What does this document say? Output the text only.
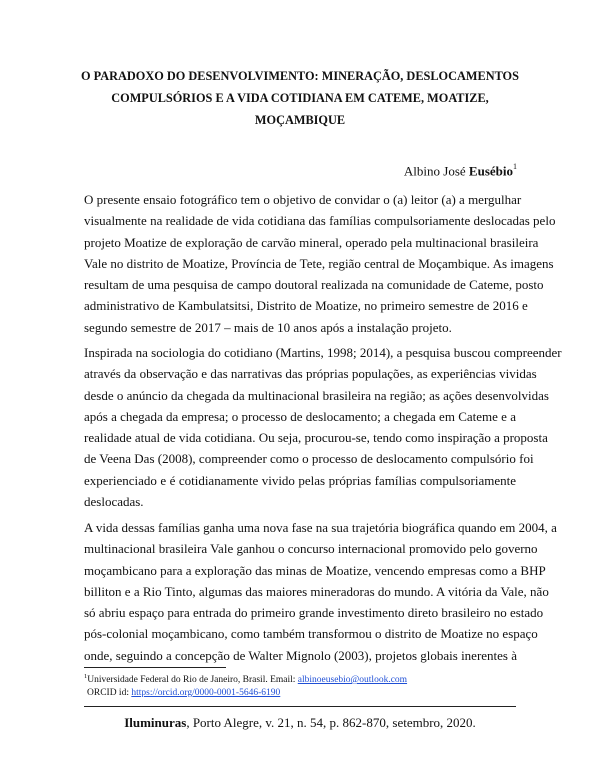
O PARADOXO DO DESENVOLVIMENTO: MINERAÇÃO, DESLOCAMENTOS
COMPULSÓRIOS E A VIDA COTIDIANA EM CATEME, MOATIZE,
MOÇAMBIQUE
Albino José Eusébio$^1$
O presente ensaio fotográfico tem o objetivo de convidar o (a) leitor (a) a mergulhar
visualmente na realidade de vida cotidiana das famílias compulsoriamente deslocadas pelo
projeto Moatize de exploração de carvão mineral, operado pela multinacional brasileira
Vale no distrito de Moatize, Província de Tete, região central de Moçambique. As imagens
resultam de uma pesquisa de campo doutoral realizada na comunidade de Cateme, posto
administrativo de Kambulatsitsi, Distrito de Moatize, no primeiro semestre de 2016 e
segundo semestre de 2017 – mais de 10 anos após a instalação projeto.
Inspirada na sociologia do cotidiano (Martins, 1998; 2014), a pesquisa buscou compreender
através da observação e das narrativas das próprias populações, as experiências vividas
desde o anúncio da chegada da multinacional brasileira na região; as ações desenvolvidas
após a chegada da empresa; o processo de deslocamento; a chegada em Cateme e a
realidade atual de vida cotidiana. Ou seja, procurou-se, tendo como inspiração a proposta
de Veena Das (2008), compreender como o processo de deslocamento compulsório foi
experienciado e é cotidianamente vivido pelas próprias famílias compulsoriamente
deslocadas.
A vida dessas famílias ganha uma nova fase na sua trajetória biográfica quando em 2004, a
multinacional brasileira Vale ganhou o concurso internacional promovido pelo governo
moçambicano para a exploração das minas de Moatize, vencendo empresas como a BHP
billiton e a Rio Tinto, algumas das maiores mineradoras do mundo. A vitória da Vale, não
só abriu espaço para entrada do primeiro grande investimento direto brasileiro no estado
pós-colonial moçambicano, como também transformou o distrito de Moatize no espaço
onde, seguindo a concepção de Walter Mignolo (2003), projetos globais inerentes à
$^1$Universidade Federal do Rio de Janeiro, Brasil. Email: albinoeusebio@outlook.com
ORCID id: https://orcid.org/0000-0001-5646-6190
Iluminuras, Porto Alegre, v. 21, n. 54, p. 862-870, setembro, 2020.
